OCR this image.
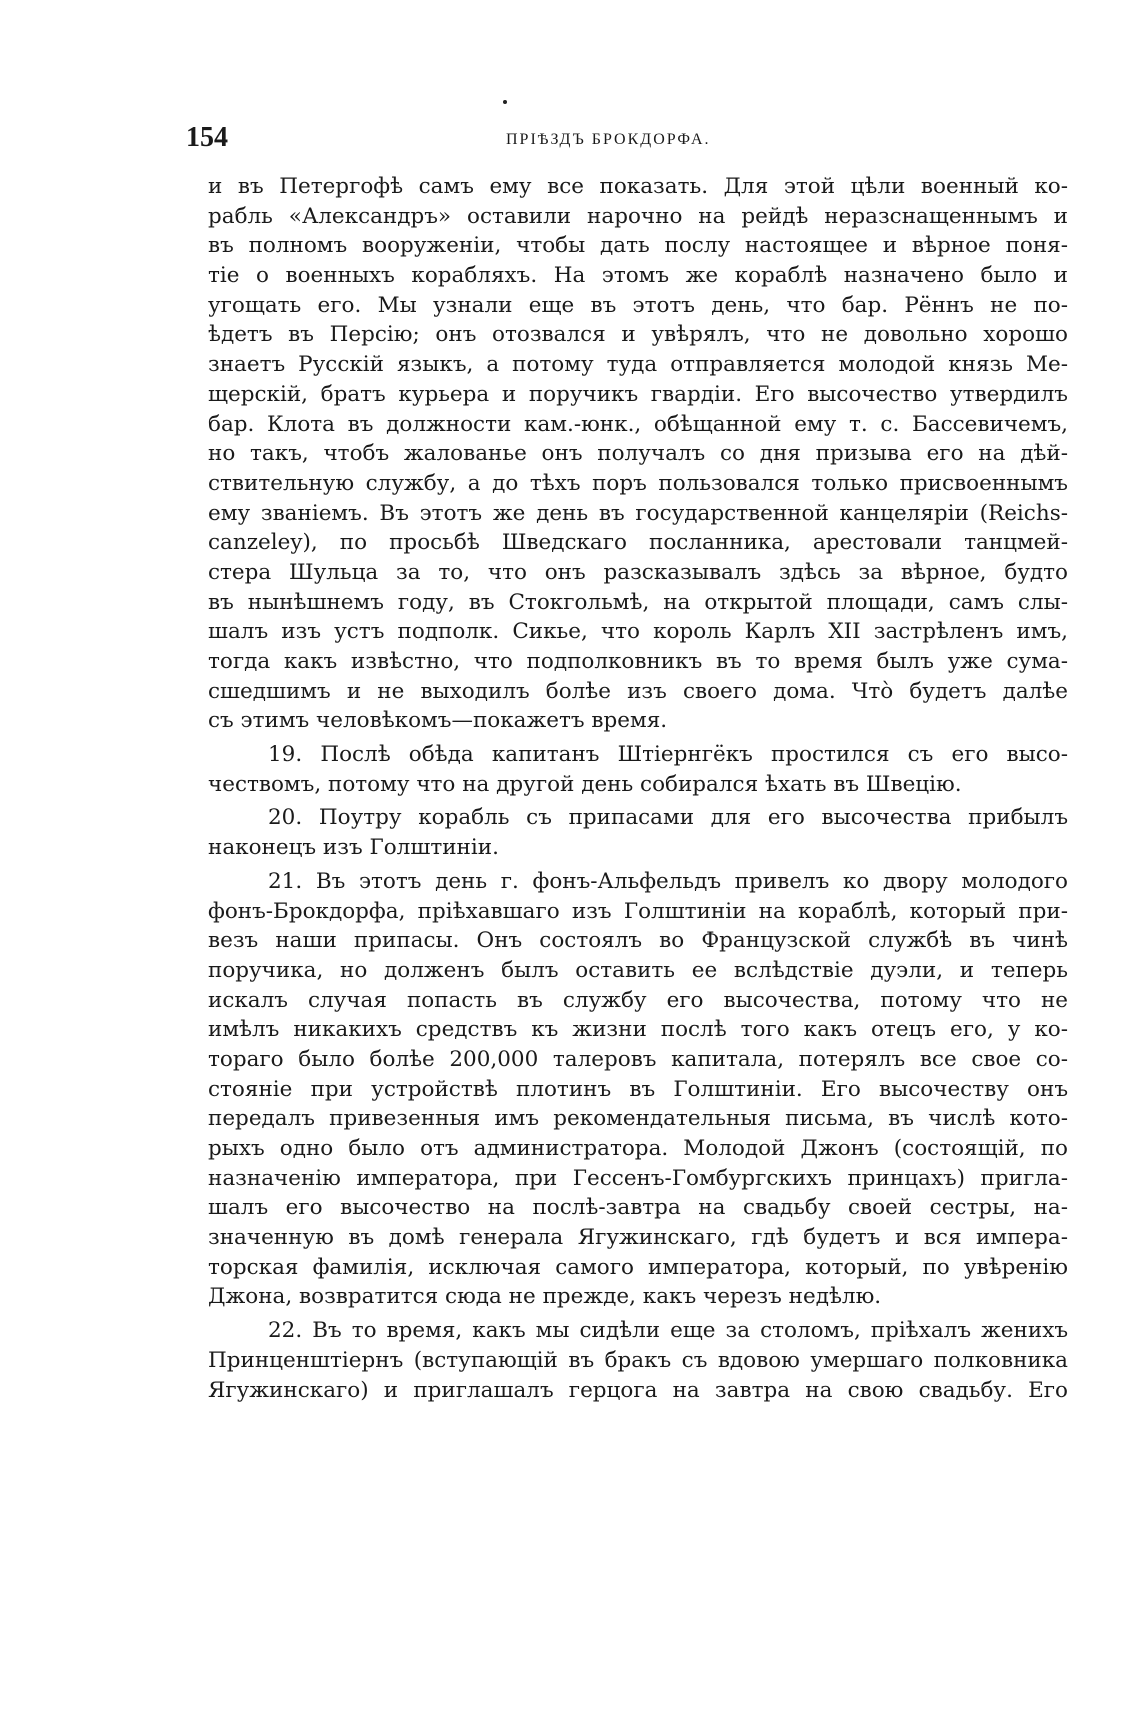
154	ПРІѢЗДЪ БРОКДОРФА.
и въ Петергофѣ самъ ему все показать. Для этой цѣли военный ко-
рабль «Александръ» оставили нарочно на рейдѣ неразснащеннымъ и
въ полномъ вооруженіи, чтобы дать послу настоящее и вѣрное поня-
тіе о военныхъ корабляхъ. На этомъ же кораблѣ назначено было и
угощать его. Мы узнали еще въ этотъ день, что бар. Рённъ не по-
ѣдетъ въ Персію; онъ отозвался и увѣрялъ, что не довольно хорошо
знаетъ Русскій языкъ, а потому туда отправляется молодой князь Ме-
щерскій, братъ курьера и поручикъ гвардіи. Его высочество утвердилъ
бар. Клота въ должности кам.-юнк., обѣщанной ему т. с. Бассевичемъ,
но такъ, чтобъ жалованье онъ получалъ со дня призыва его на дѣй-
ствительную службу, а до тѣхъ поръ пользовался только присвоеннымъ
ему званіемъ. Въ этотъ же день въ государственной канцеляріи (Reichs-
canzeley), по просьбѣ Шведскаго посланника, арестовали танцмей-
стера Шульца за то, что онъ разсказывалъ здѣсь за вѣрное, будто
въ нынѣшнемъ году, въ Стокгольмѣ, на открытой площади, самъ слы-
шалъ изъ устъ подполк. Сикье, что король Карлъ XII застрѣленъ имъ,
тогда какъ извѣстно, что подполковникъ въ то время былъ уже сума-
сшедшимъ и не выходилъ болѣе изъ своего дома. Чтò будетъ далѣе
съ этимъ человѣкомъ—покажетъ время.
19. Послѣ обѣда капитанъ Штіернгёкъ простился съ его высо-
чествомъ, потому что на другой день собирался ѣхать въ Швецію.
20. Поутру корабль съ припасами для его высочества прибылъ
наконецъ изъ Голштиніи.
21. Въ этотъ день г. фонъ-Альфельдъ привелъ ко двору молодого
фонъ-Брокдорфа, пріѣхавшаго изъ Голштиніи на кораблѣ, который при-
везъ наши припасы. Онъ состоялъ во Французской службѣ въ чинѣ
поручика, но долженъ былъ оставить ее вслѣдствіе дуэли, и теперь
искалъ случая попасть въ службу его высочества, потому что не
имѣлъ никакихъ средствъ къ жизни послѣ того какъ отецъ его, у ко-
тораго было болѣе 200,000 талеровъ капитала, потерялъ все свое со-
стояніе при устройствѣ плотинъ въ Голштиніи. Его высочеству онъ
передалъ привезенныя имъ рекомендательныя письма, въ числѣ кото-
рыхъ одно было отъ администратора. Молодой Джонъ (состоящій, по
назначенію императора, при Гессенъ-Гомбургскихъ принцахъ) пригла-
шалъ его высочество на послѣ-завтра на свадьбу своей сестры, на-
значенную въ домѣ генерала Ягужинскаго, гдѣ будетъ и вся импера-
торская фамилія, исключая самого императора, который, по увѣренію
Джона, возвратится сюда не прежде, какъ черезъ недѣлю.
22. Въ то время, какъ мы сидѣли еще за столомъ, пріѣхалъ женихъ
Принценштіернъ (вступающій въ бракъ съ вдовою умершаго полковника
Ягужинскаго) и приглашалъ герцога на завтра на свою свадьбу. Его
